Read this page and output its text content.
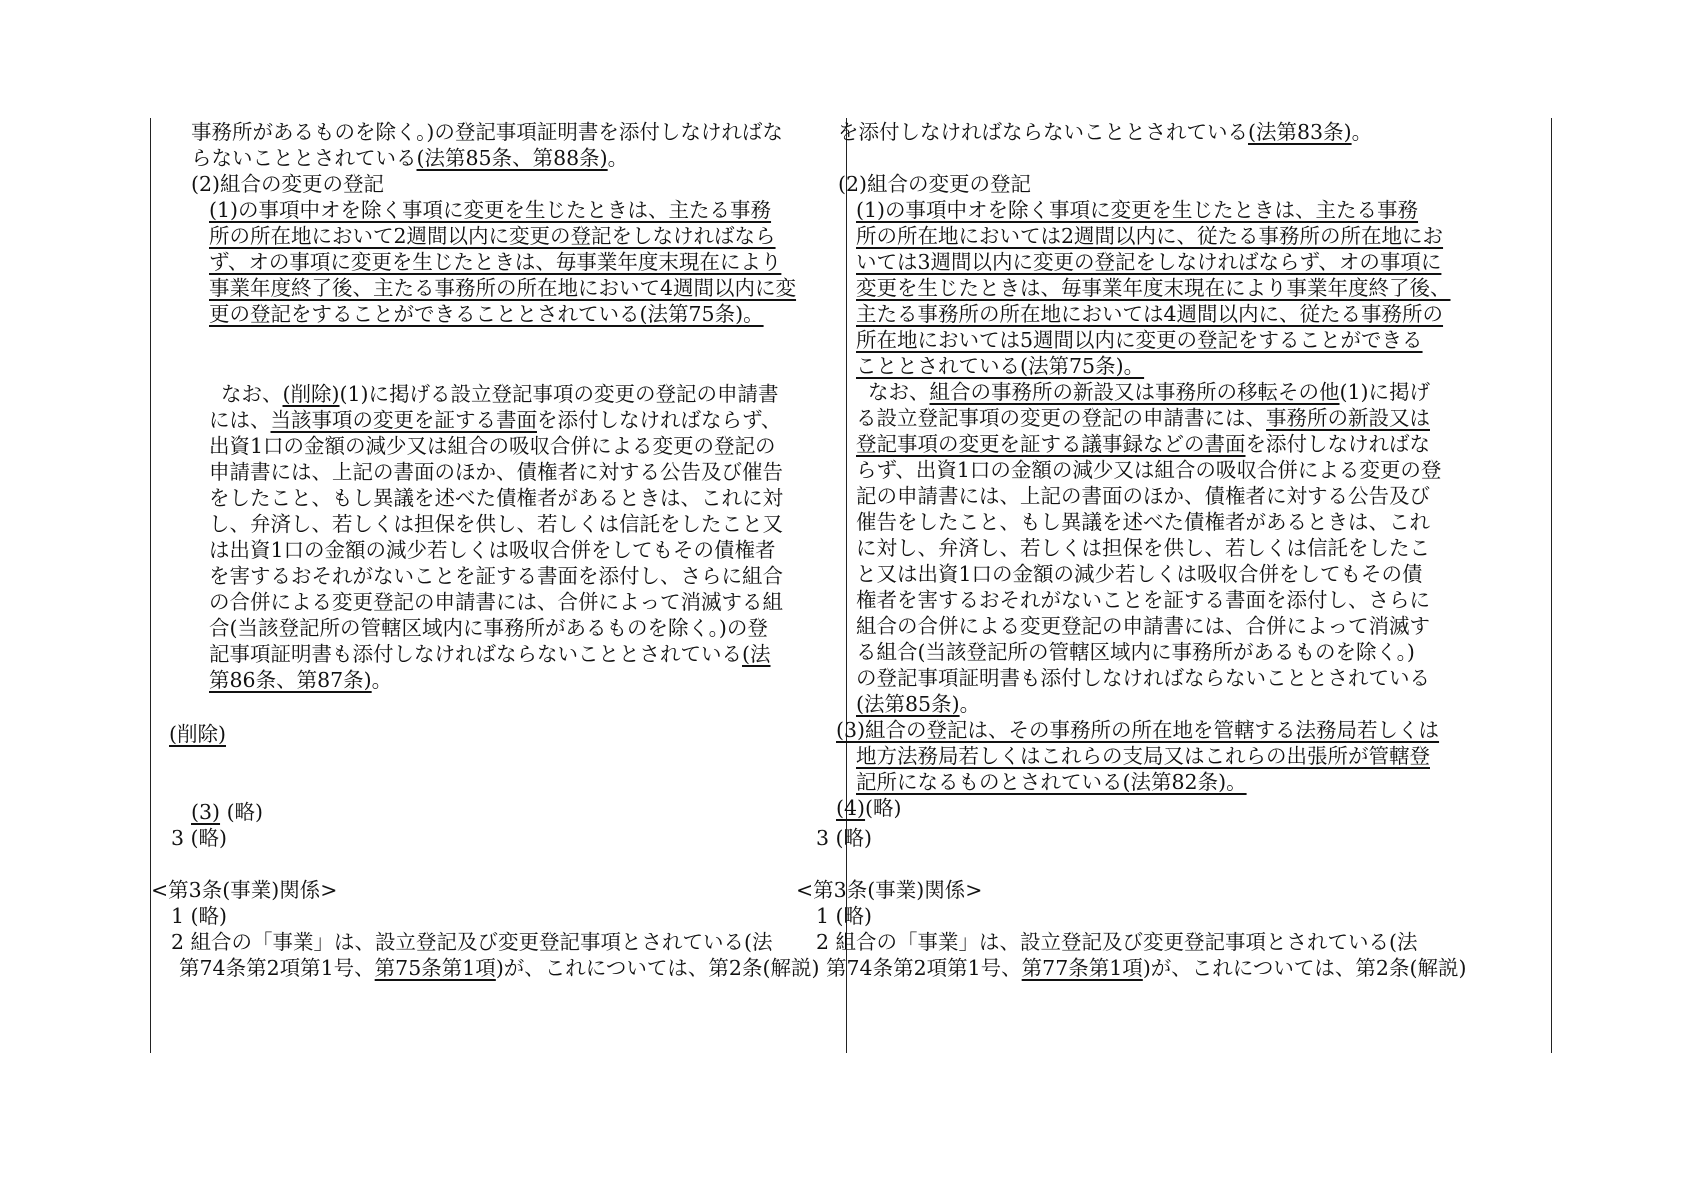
事務所があるものを除く。)の登記事項証明書を添付しなければな
らないこととされている(法第85条、第88条)。
(2)組合の変更の登記
(1)の事項中オを除く事項に変更を生じたときは、主たる事務
所の所在地において2週間以内に変更の登記をしなければなら
ず、オの事項に変更を生じたときは、毎事業年度末現在により
事業年度終了後、主たる事務所の所在地において4週間以内に変
更の登記をすることができることとされている(法第75条)。
なお、(削除)(1)に掲げる設立登記事項の変更の登記の申請書
には、当該事項の変更を証する書面を添付しなければならず、
出資1口の金額の減少又は組合の吸収合併による変更の登記の
申請書には、上記の書面のほか、債権者に対する公告及び催告
をしたこと、もし異議を述べた債権者があるときは、これに対
し、弁済し、若しくは担保を供し、若しくは信託をしたこと又
は出資1口の金額の減少若しくは吸収合併をしてもその債権者
を害するおそれがないことを証する書面を添付し、さらに組合
の合併による変更登記の申請書には、合併によって消滅する組
合(当該登記所の管轄区域内に事務所があるものを除く。)の登
記事項証明書も添付しなければならないこととされている(法
第86条、第87条)。
(削除)
(3) (略)
3 (略)
<第3条(事業)関係>
1 (略)
2 組合の「事業」は、設立登記及び変更登記事項とされている(法
第74条第2項第1号、第75条第1項)が、これについては、第2条(解説)
を添付しなければならないこととされている(法第83条)。
(2)組合の変更の登記
(1)の事項中オを除く事項に変更を生じたときは、主たる事務
所の所在地においては2週間以内に、従たる事務所の所在地にお
いては3週間以内に変更の登記をしなければならず、オの事項に
変更を生じたときは、毎事業年度末現在により事業年度終了後、
主たる事務所の所在地においては4週間以内に、従たる事務所の
所在地においては5週間以内に変更の登記をすることができる
こととされている(法第75条)。
なお、組合の事務所の新設又は事務所の移転その他(1)に掲げ
る設立登記事項の変更の登記の申請書には、事務所の新設又は
登記事項の変更を証する議事録などの書面を添付しなければな
らず、出資1口の金額の減少又は組合の吸収合併による変更の登
記の申請書には、上記の書面のほか、債権者に対する公告及び
催告をしたこと、もし異議を述べた債権者があるときは、これ
に対し、弁済し、若しくは担保を供し、若しくは信託をしたこ
と又は出資1口の金額の減少若しくは吸収合併をしてもその債
権者を害するおそれがないことを証する書面を添付し、さらに
組合の合併による変更登記の申請書には、合併によって消滅す
る組合(当該登記所の管轄区域内に事務所があるものを除く。)
の登記事項証明書も添付しなければならないこととされている
(法第85条)。
(3)組合の登記は、その事務所の所在地を管轄する法務局若しくは
地方法務局若しくはこれらの支局又はこれらの出張所が管轄登
記所になるものとされている(法第82条)。
(4)(略)
3 (略)
<第3条(事業)関係>
1 (略)
2 組合の「事業」は、設立登記及び変更登記事項とされている(法
第74条第2項第1号、第77条第1項)が、これについては、第2条(解説)
